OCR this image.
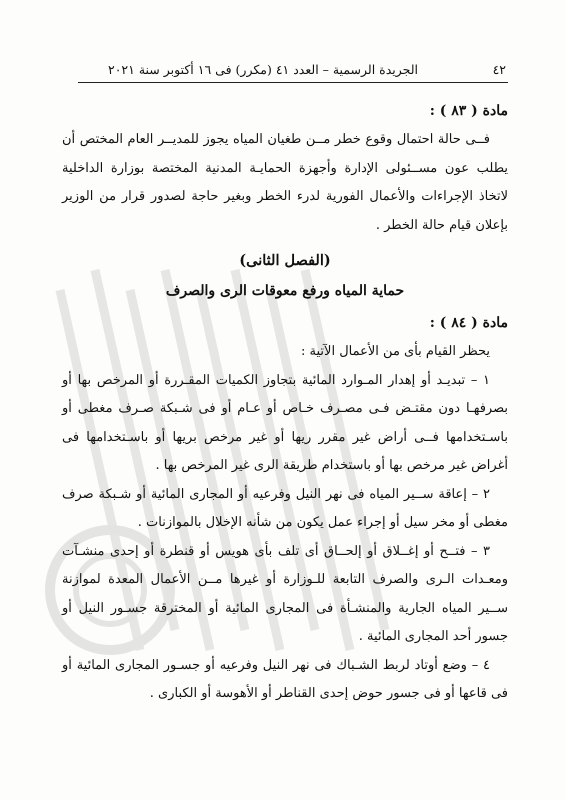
٤٢
الجريدة الرسمية – العدد ٤١ (مكرر) فى ١٦ أكتوبر سنة ٢٠٢١
مادة ( ٨٣ ) :
فــى حالة احتمال وقوع خطر مــن طغيان المياه يجوز للمديــر العام المختص أن يطلب عون مســئولى الإدارة وأجهزة الحمايـة المدنية المختصة بوزارة الداخلية لاتخاذ الإجراءات والأعمال الفورية لدرء الخطر وبغير حاجة لصدور قرار من الوزير بإعلان قيام حالة الخطر .
(الفصل الثانى)
حماية المياه ورفع معوقات الرى والصرف
مادة ( ٨٤ ) :
يحظر القيام بأى من الأعمال الآتية :
١ – تبديـد أو إهدار المـوارد المائية بتجاوز الكميات المقـررة أو المرخص بها أو بصرفهـا دون مقتـض فـى مصـرف خـاص أو عـام أو فى شـبكة صـرف مغطى أو باسـتخدامها فــى أراض غير مقرر ريها أو غير مرخص بريها أو باسـتخدامها فى أغراض غير مرخص بها أو باستخدام طريقة الرى غير المرخص بها .
٢ – إعاقة ســير المياه فى نهر النيل وفرعيه أو المجارى المائية أو شـبكة صرف مغطى أو مخر سيل أو إجراء عمل يكون من شأنه الإخلال بالموازنات .
٣ – فتــح أو إغــلاق أو إلحــاق أى تلف بأى هويس أو قنطرة أو إحدى منشـآت ومعـدات الـرى والصرف التابعة للـوزارة أو غيرها مــن الأعمال المعدة لموازنة ســير المياه الجارية والمنشـأة فى المجارى المائية أو المخترقة جسـور النيل أو جسور أحد المجارى المائية .
٤ – وضع أوتاد لربط الشـباك فى نهر النيل وفرعيه أو جسـور المجارى المائية أو فى قاعها أو فى جسور حوض إحدى القناطر أو الأهوسة أو الكبارى .
